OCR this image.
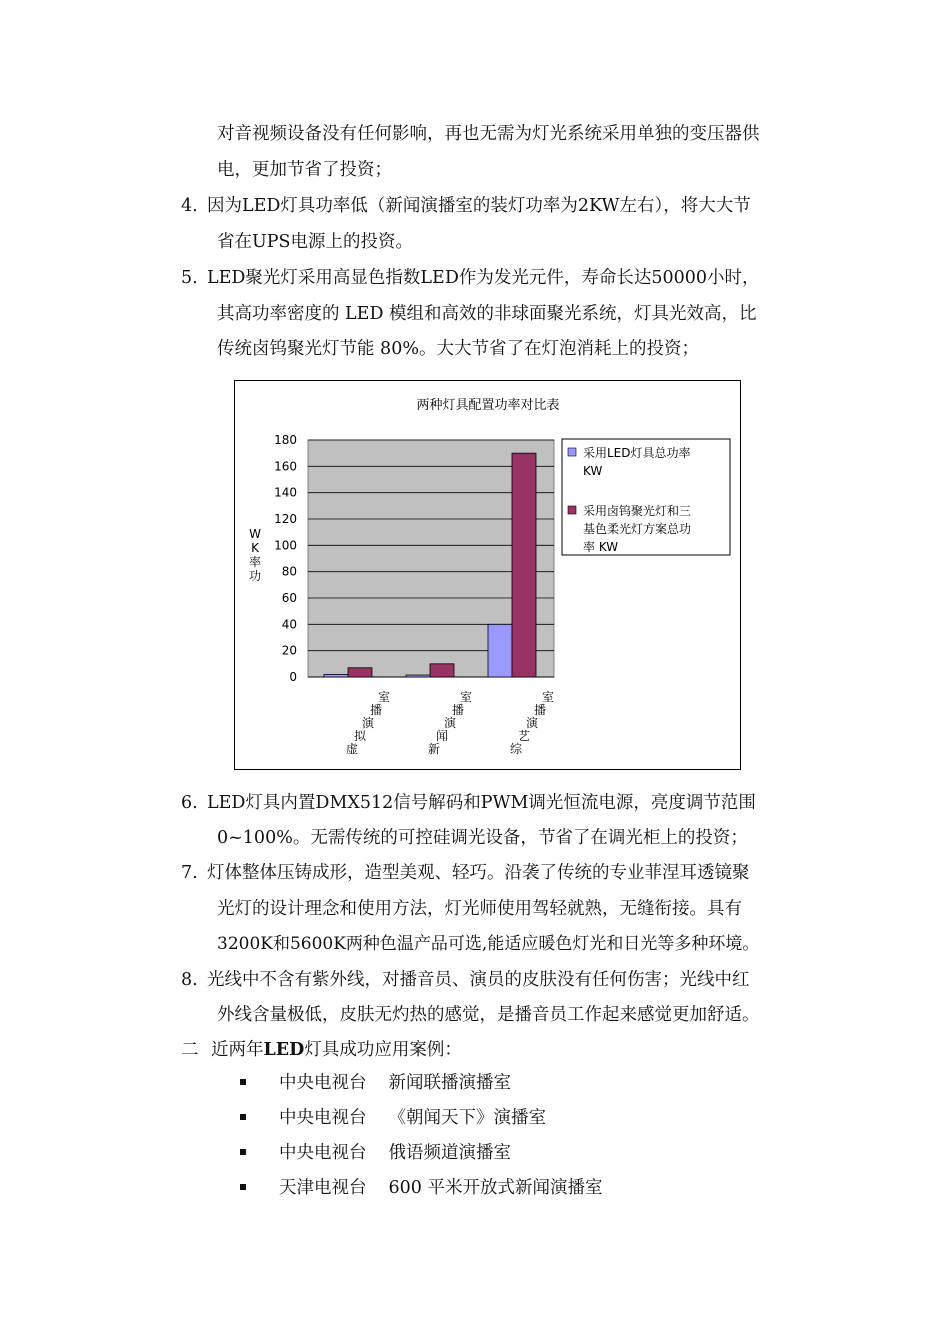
对音视频设备没有任何影响，再也无需为灯光系统采用单独的变压器供
电，更加节省了投资；
4. 因为LED灯具功率低（新闻演播室的装灯功率为2KW左右），将大大节
省在UPS电源上的投资。
5. LED聚光灯采用高显色指数LED作为发光元件，寿命长达50000小时，
其高功率密度的 LED 模组和高效的非球面聚光系统，灯具光效高，比
传统卤钨聚光灯节能 80%。大大节省了在灯泡消耗上的投资；
两种灯具配置功率对比表
0
20
40
60
80
100
120
140
160
180
W
K
率
功
虚
拟
演
播
室
新
闻
演
播
室
综
艺
演
播
室
采用LED灯具总功率
KW
采用卤钨聚光灯和三
基色柔光灯方案总功
率 KW
6. LED灯具内置DMX512信号解码和PWM调光恒流电源，亮度调节范围
0~100%。无需传统的可控硅调光设备，节省了在调光柜上的投资；
7. 灯体整体压铸成形，造型美观、轻巧。沿袭了传统的专业菲涅耳透镜聚
光灯的设计理念和使用方法，灯光师使用驾轻就熟，无缝衔接。具有
3200K和5600K两种色温产品可选,能适应暖色灯光和日光等多种环境。
8. 光线中不含有紫外线，对播音员、演员的皮肤没有任何伤害；光线中红
外线含量极低，皮肤无灼热的感觉，是播音员工作起来感觉更加舒适。
二 近两年LED灯具成功应用案例：
中央电视台 新闻联播演播室
中央电视台 《朝闻天下》演播室
中央电视台 俄语频道演播室
天津电视台 600 平米开放式新闻演播室
